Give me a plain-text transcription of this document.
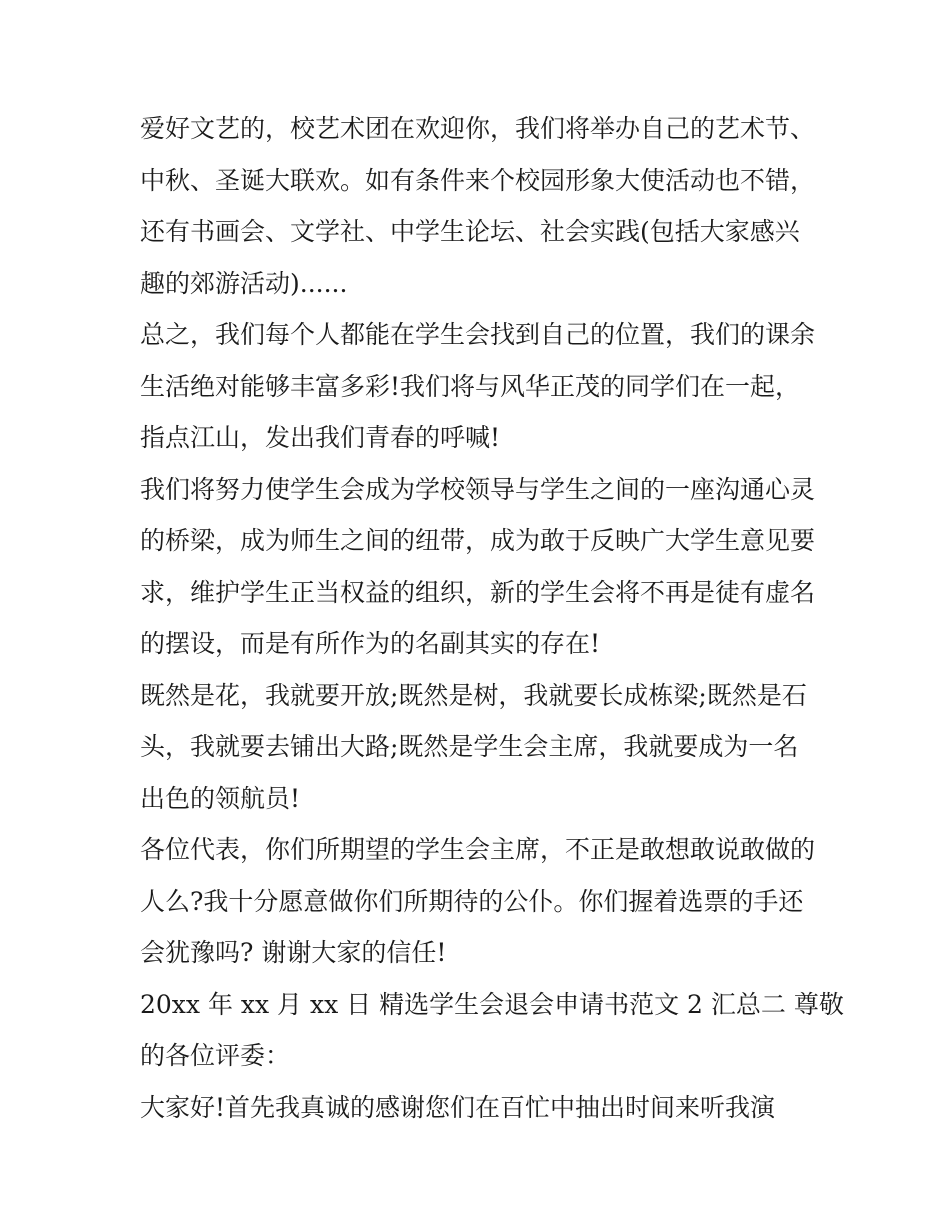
爱好文艺的，校艺术团在欢迎你，我们将举办自己的艺术节、
中秋、圣诞大联欢。如有条件来个校园形象大使活动也不错，
还有书画会、文学社、中学生论坛、社会实践(包括大家感兴
趣的郊游活动)......
总之，我们每个人都能在学生会找到自己的位置，我们的课余
生活绝对能够丰富多彩!我们将与风华正茂的同学们在一起，
指点江山，发出我们青春的呼喊!
我们将努力使学生会成为学校领导与学生之间的一座沟通心灵
的桥梁，成为师生之间的纽带，成为敢于反映广大学生意见要
求，维护学生正当权益的组织，新的学生会将不再是徒有虚名
的摆设，而是有所作为的名副其实的存在!
既然是花，我就要开放;既然是树，我就要长成栋梁;既然是石
头，我就要去铺出大路;既然是学生会主席，我就要成为一名
出色的领航员!
各位代表，你们所期望的学生会主席，不正是敢想敢说敢做的
人么?我十分愿意做你们所期待的公仆。你们握着选票的手还
会犹豫吗? 谢谢大家的信任!
20xx 年 xx 月 xx 日 精选学生会退会申请书范文 2 汇总二 尊敬
的各位评委：
大家好!首先我真诚的感谢您们在百忙中抽出时间来听我演
